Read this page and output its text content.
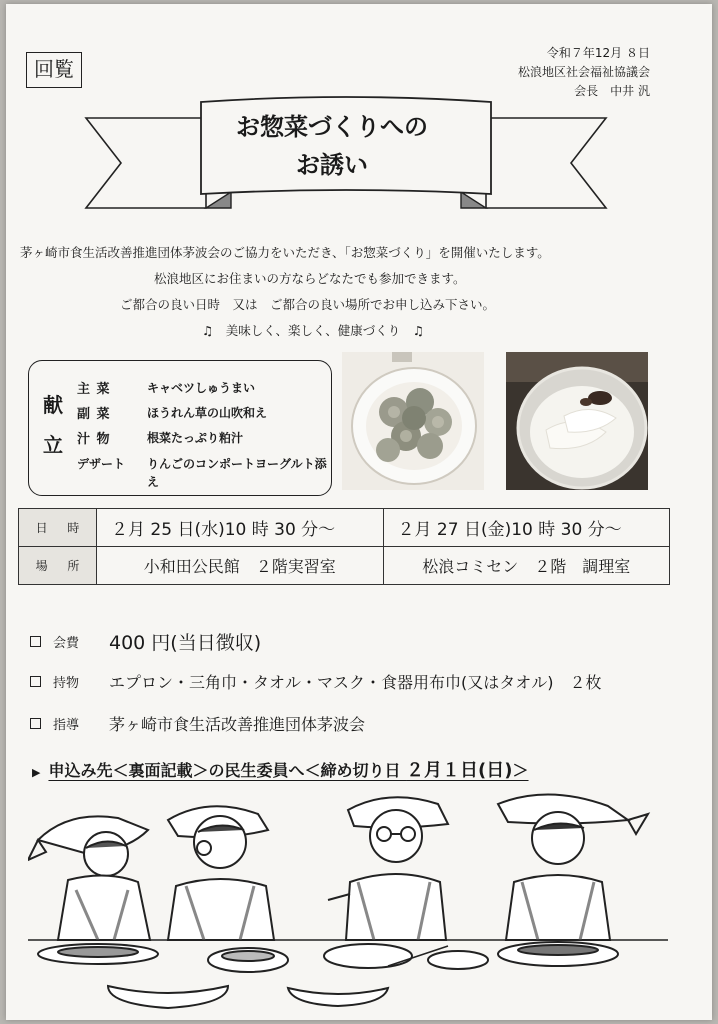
回覧
令和７年12月 ８日
松浪地区社会福祉協議会
会長　中井 汎
お惣菜づくりへの
お誘い
茅ヶ崎市食生活改善推進団体茅波会のご協力をいただき、「お惣菜づくり」を開催いたします。
松浪地区にお住まいの方ならどなたでも参加できます。
ご都合の良い日時　又は　ご都合の良い場所でお申し込み下さい。
♫　美味しく、楽しく、健康づくり　♫
献
立
主 菜	キャベツしゅうまい
副 菜	ほうれん草の山吹和え
汁 物	根菜たっぷり粕汁
デザート	りんごのコンポートヨーグルト添え
日 時	２月 25 日(水)10 時 30 分～	２月 27 日(金)10 時 30 分～
場 所	小和田公民館　２階実習室	松浪コミセン　２階　調理室
会費	400 円(当日徴収)
持物	エプロン・三角巾・タオル・マスク・食器用布巾(又はタオル)　２枚
指導	茅ヶ崎市食生活改善推進団体茅波会
▶ 申込み先＜裏面記載＞の民生委員へ＜締め切り日 ２月１日(日)＞
